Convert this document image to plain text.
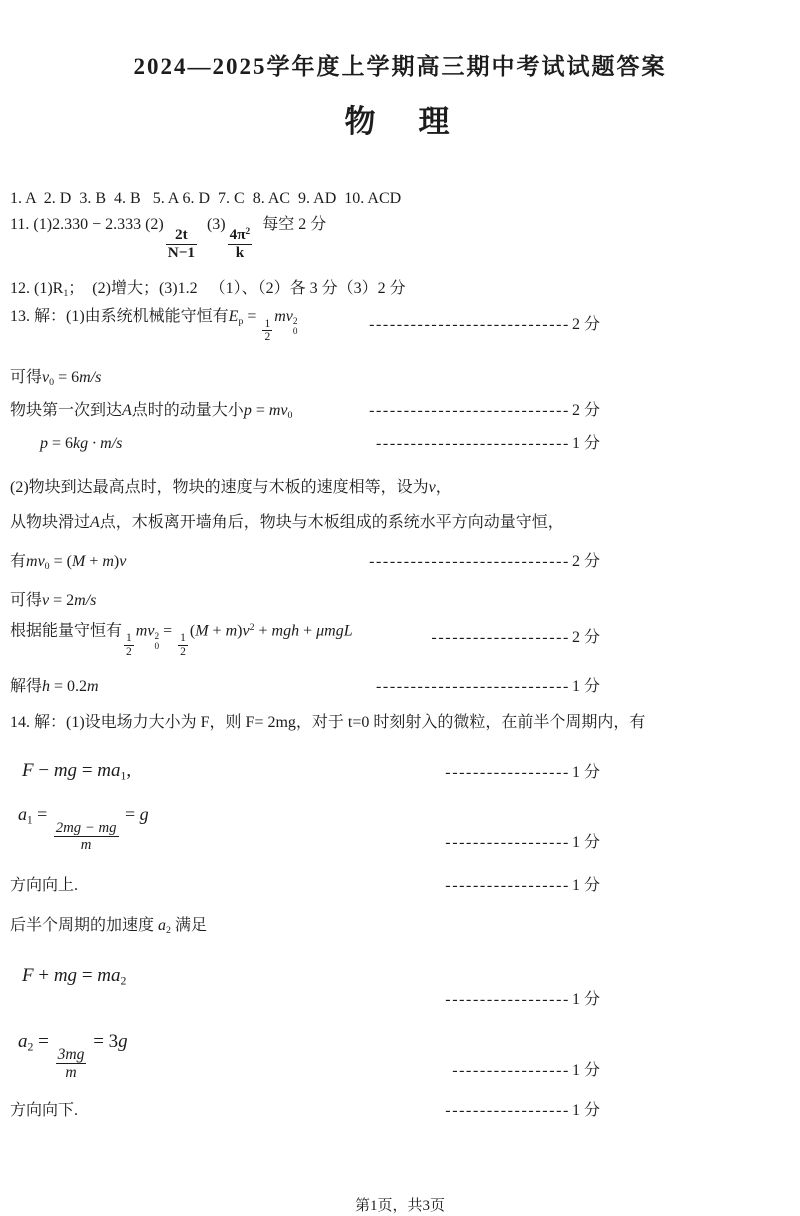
2024—2025学年度上学期高三期中考试试题答案
物　理
1. A  2. D  3. B  4. B   5. A 6. D  7. C  8. AC  9. AD  10. ACD
11. (1)2.330 − 2.333 (2)
$\frac{2t}{N-1}$
(3)
$\frac{4\pi^2}{k}$
每空 2 分
12. (1)R1；  (2)增大；(3)1.2   （1）、（2）各 3 分（3）2 分
13. 解：(1)由系统机械能守恒有Ep =
$\frac{1}{2}$
mv 2
0	----------------------------- 2 分
可得v0 = 6m/s
物块第一次到达A点时的动量大小p = mv0	----------------------------- 2 分
p = 6kg · m/s	---------------------------- 1 分
(2)物块到达最高点时，物块的速度与木板的速度相等，设为v，
从物块滑过A点，木板离开墙角后，物块与木板组成的系统水平方向动量守恒，
有mv0 = (M + m)v	----------------------------- 2 分
可得v = 2m/s
根据能量守恒有
$\frac{1}{2}$
mv 2
0
=
$\frac{1}{2}$
$(M + m)v^2$ + mgh + μmgL	-------------------- 2 分
解得h = 0.2m	---------------------------- 1 分
14. 解：(1)设电场力大小为 F，则 F= 2mg，对于 t=0 时刻射入的微粒，在前半个周期内，有
F − mg = ma1,	------------------ 1 分
a1 =
$\frac{2mg - mg}{m}$
= g
------------------ 1 分
方向向上.	------------------ 1 分
后半个周期的加速度 a2 满足
F + mg = ma2
------------------ 1 分
a2 =
$\frac{3mg}{m}$
= 3g
----------------- 1 分
方向向下.	------------------ 1 分
第1页，共3页
